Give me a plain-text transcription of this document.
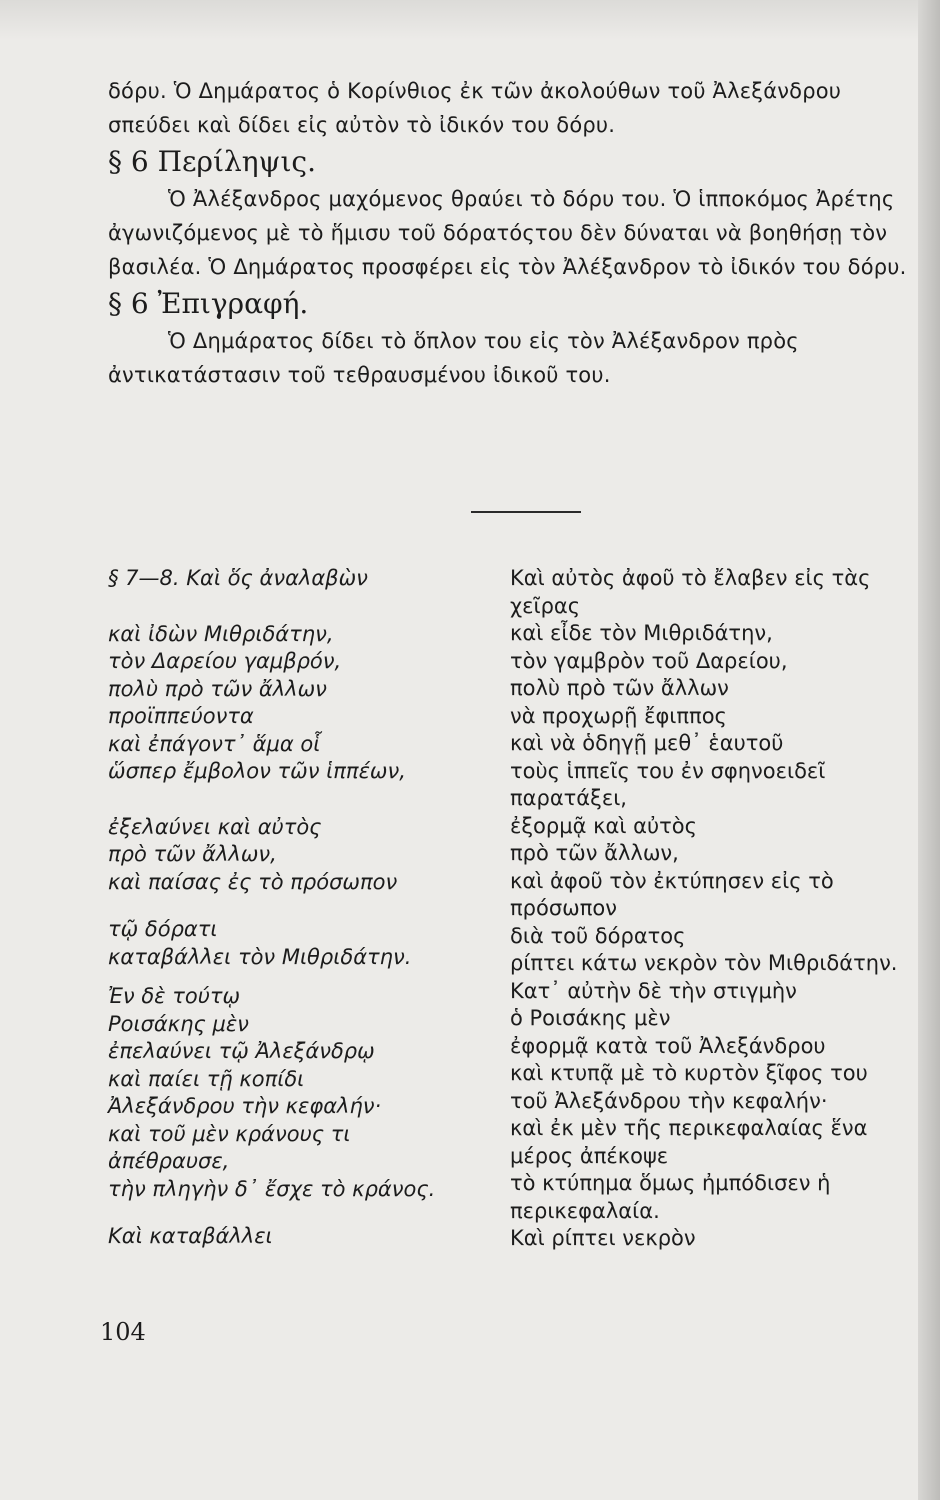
δόρυ. Ὁ Δημάρατος ὁ Κορίνθιος ἐκ τῶν ἀκολούθων τοῦ Ἀλεξάνδρου σπεύδει καὶ δίδει εἰς αὐτὸν τὸ ἰδικόν του δόρυ.

§ 6 Περίληψις.

Ὁ Ἀλέξανδρος μαχόμενος θραύει τὸ δόρυ του. Ὁ ἱπποκόμος Ἀρέτης ἀγωνιζόμενος μὲ τὸ ἥμισυ τοῦ δόρατόςτου δὲν δύναται νὰ βοηθήσῃ τὸν βασιλέα. Ὁ Δημάρατος προσφέρει εἰς τὸν Ἀλέξανδρον τὸ ἰδικόν του δόρυ.

§ 6 Ἐπιγραφή.

Ὁ Δημάρατος δίδει τὸ ὅπλον του εἰς τὸν Ἀλέξανδρον πρὸς ἀντικατάστασιν τοῦ τεθραυσμένου ἰδικοῦ του.

§ 7—8. Καὶ ὅς ἀναλαβὼν
καὶ ἰδὼν Μιθριδάτην,
τὸν Δαρείου γαμβρόν,
πολὺ πρὸ τῶν ἄλλων
προϊππεύοντα
καὶ ἐπάγοντ᾽ ἅμα οἷ
ὥσπερ ἔμβολον τῶν ἱππέων,
ἐξελαύνει καὶ αὐτὸς
πρὸ τῶν ἄλλων,
καὶ παίσας ἐς τὸ πρόσωπον
τῷ δόρατι
καταβάλλει τὸν Μιθριδάτην.
Ἐν δὲ τούτῳ
Ροισάκης μὲν
ἐπελαύνει τῷ Ἀλεξάνδρῳ
καὶ παίει τῇ κοπίδι
Ἀλεξάνδρου τὴν κεφαλήν·
καὶ τοῦ μὲν κράνους τι
ἀπέθραυσε,
τὴν πληγὴν δ᾽ ἔσχε τὸ κράνος.
Καὶ καταβάλλει
Καὶ αὐτὸς ἀφοῦ τὸ ἔλαβεν εἰς τὰς χεῖρας
καὶ εἶδε τὸν Μιθριδάτην,
τὸν γαμβρὸν τοῦ Δαρείου,
πολὺ πρὸ τῶν ἄλλων
νὰ προχωρῇ ἔφιππος
καὶ νὰ ὁδηγῇ μεθ᾽ ἑαυτοῦ
τοὺς ἱππεῖς του ἐν σφηνοειδεῖ παρατάξει,
ἐξορμᾷ καὶ αὐτὸς
πρὸ τῶν ἄλλων,
καὶ ἀφοῦ τὸν ἐκτύπησεν εἰς τὸ πρόσωπον
διὰ τοῦ δόρατος
ρίπτει κάτω νεκρὸν τὸν Μιθριδάτην.
Κατ᾽ αὐτὴν δὲ τὴν στιγμὴν
ὁ Ροισάκης μὲν
ἐφορμᾷ κατὰ τοῦ Ἀλεξάνδρου
καὶ κτυπᾷ μὲ τὸ κυρτὸν ξῖφος του
τοῦ Ἀλεξάνδρου τὴν κεφαλήν·
καὶ ἐκ μὲν τῆς περικεφαλαίας ἕνα
μέρος ἀπέκοψε
τὸ κτύπημα ὅμως ἠμπόδισεν ἡ περικεφαλαία.
Καὶ ρίπτει νεκρὸν
104
